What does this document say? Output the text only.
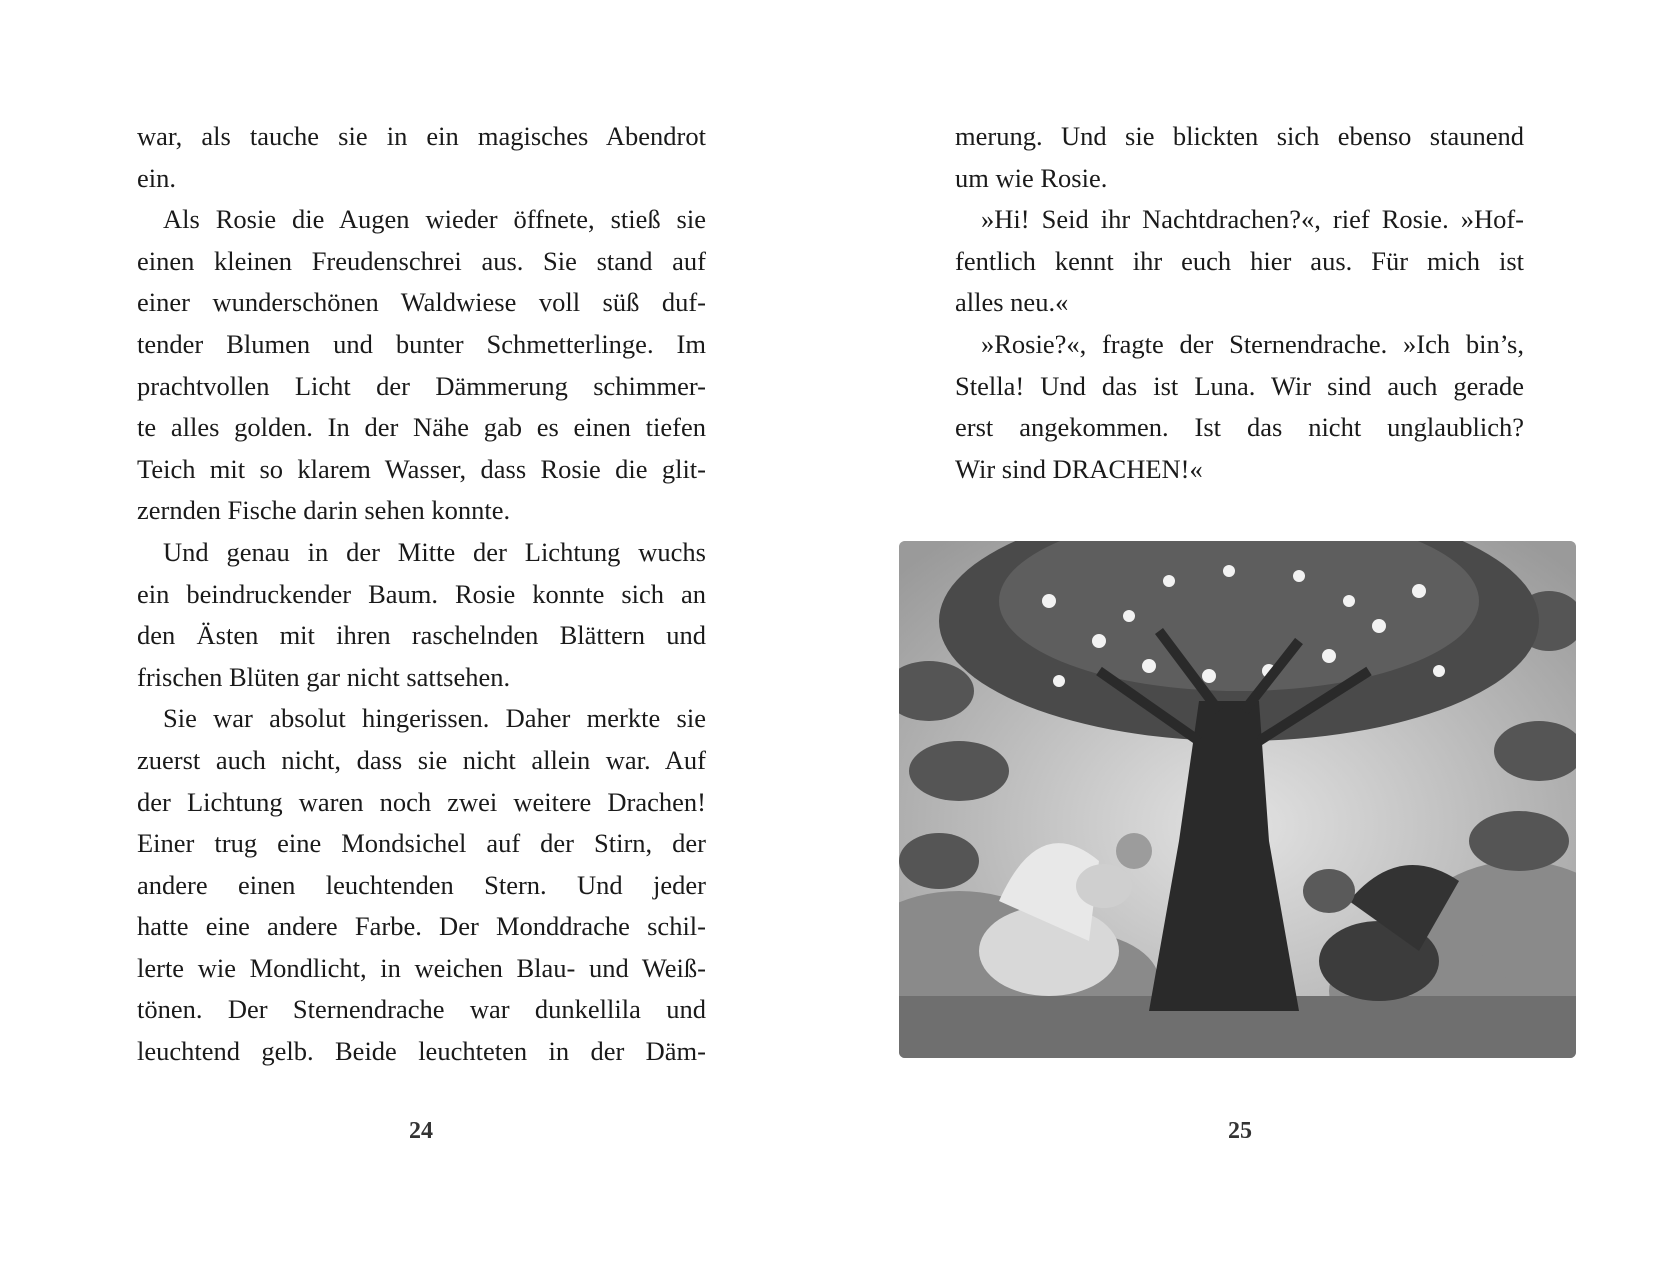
war, als tauche sie in ein magisches Abendrot
ein.
Als Rosie die Augen wieder öffnete, stieß sie
einen kleinen Freudenschrei aus. Sie stand auf
einer wunderschönen Waldwiese voll süß duf-
tender Blumen und bunter Schmetterlinge. Im
prachtvollen Licht der Dämmerung schimmer-
te alles golden. In der Nähe gab es einen tiefen
Teich mit so klarem Wasser, dass Rosie die glit-
zernden Fische darin sehen konnte.
Und genau in der Mitte der Lichtung wuchs
ein beindruckender Baum. Rosie konnte sich an
den Ästen mit ihren raschelnden Blättern und
frischen Blüten gar nicht sattsehen.
Sie war absolut hingerissen. Daher merkte sie
zuerst auch nicht, dass sie nicht allein war. Auf
der Lichtung waren noch zwei weitere Drachen!
Einer trug eine Mondsichel auf der Stirn, der
andere einen leuchtenden Stern. Und jeder
hatte eine andere Farbe. Der Monddrache schil-
lerte wie Mondlicht, in weichen Blau- und Weiß-
tönen. Der Sternendrache war dunkellila und
leuchtend gelb. Beide leuchteten in der Däm-
merung. Und sie blickten sich ebenso staunend
um wie Rosie.
»Hi! Seid ihr Nachtdrachen?«, rief Rosie. »Hof-
fentlich kennt ihr euch hier aus. Für mich ist
alles neu.«
»Rosie?«, fragte der Sternendrache. »Ich bin’s,
Stella! Und das ist Luna. Wir sind auch gerade
erst angekommen. Ist das nicht unglaublich?
Wir sind DRACHEN!«
24	25
